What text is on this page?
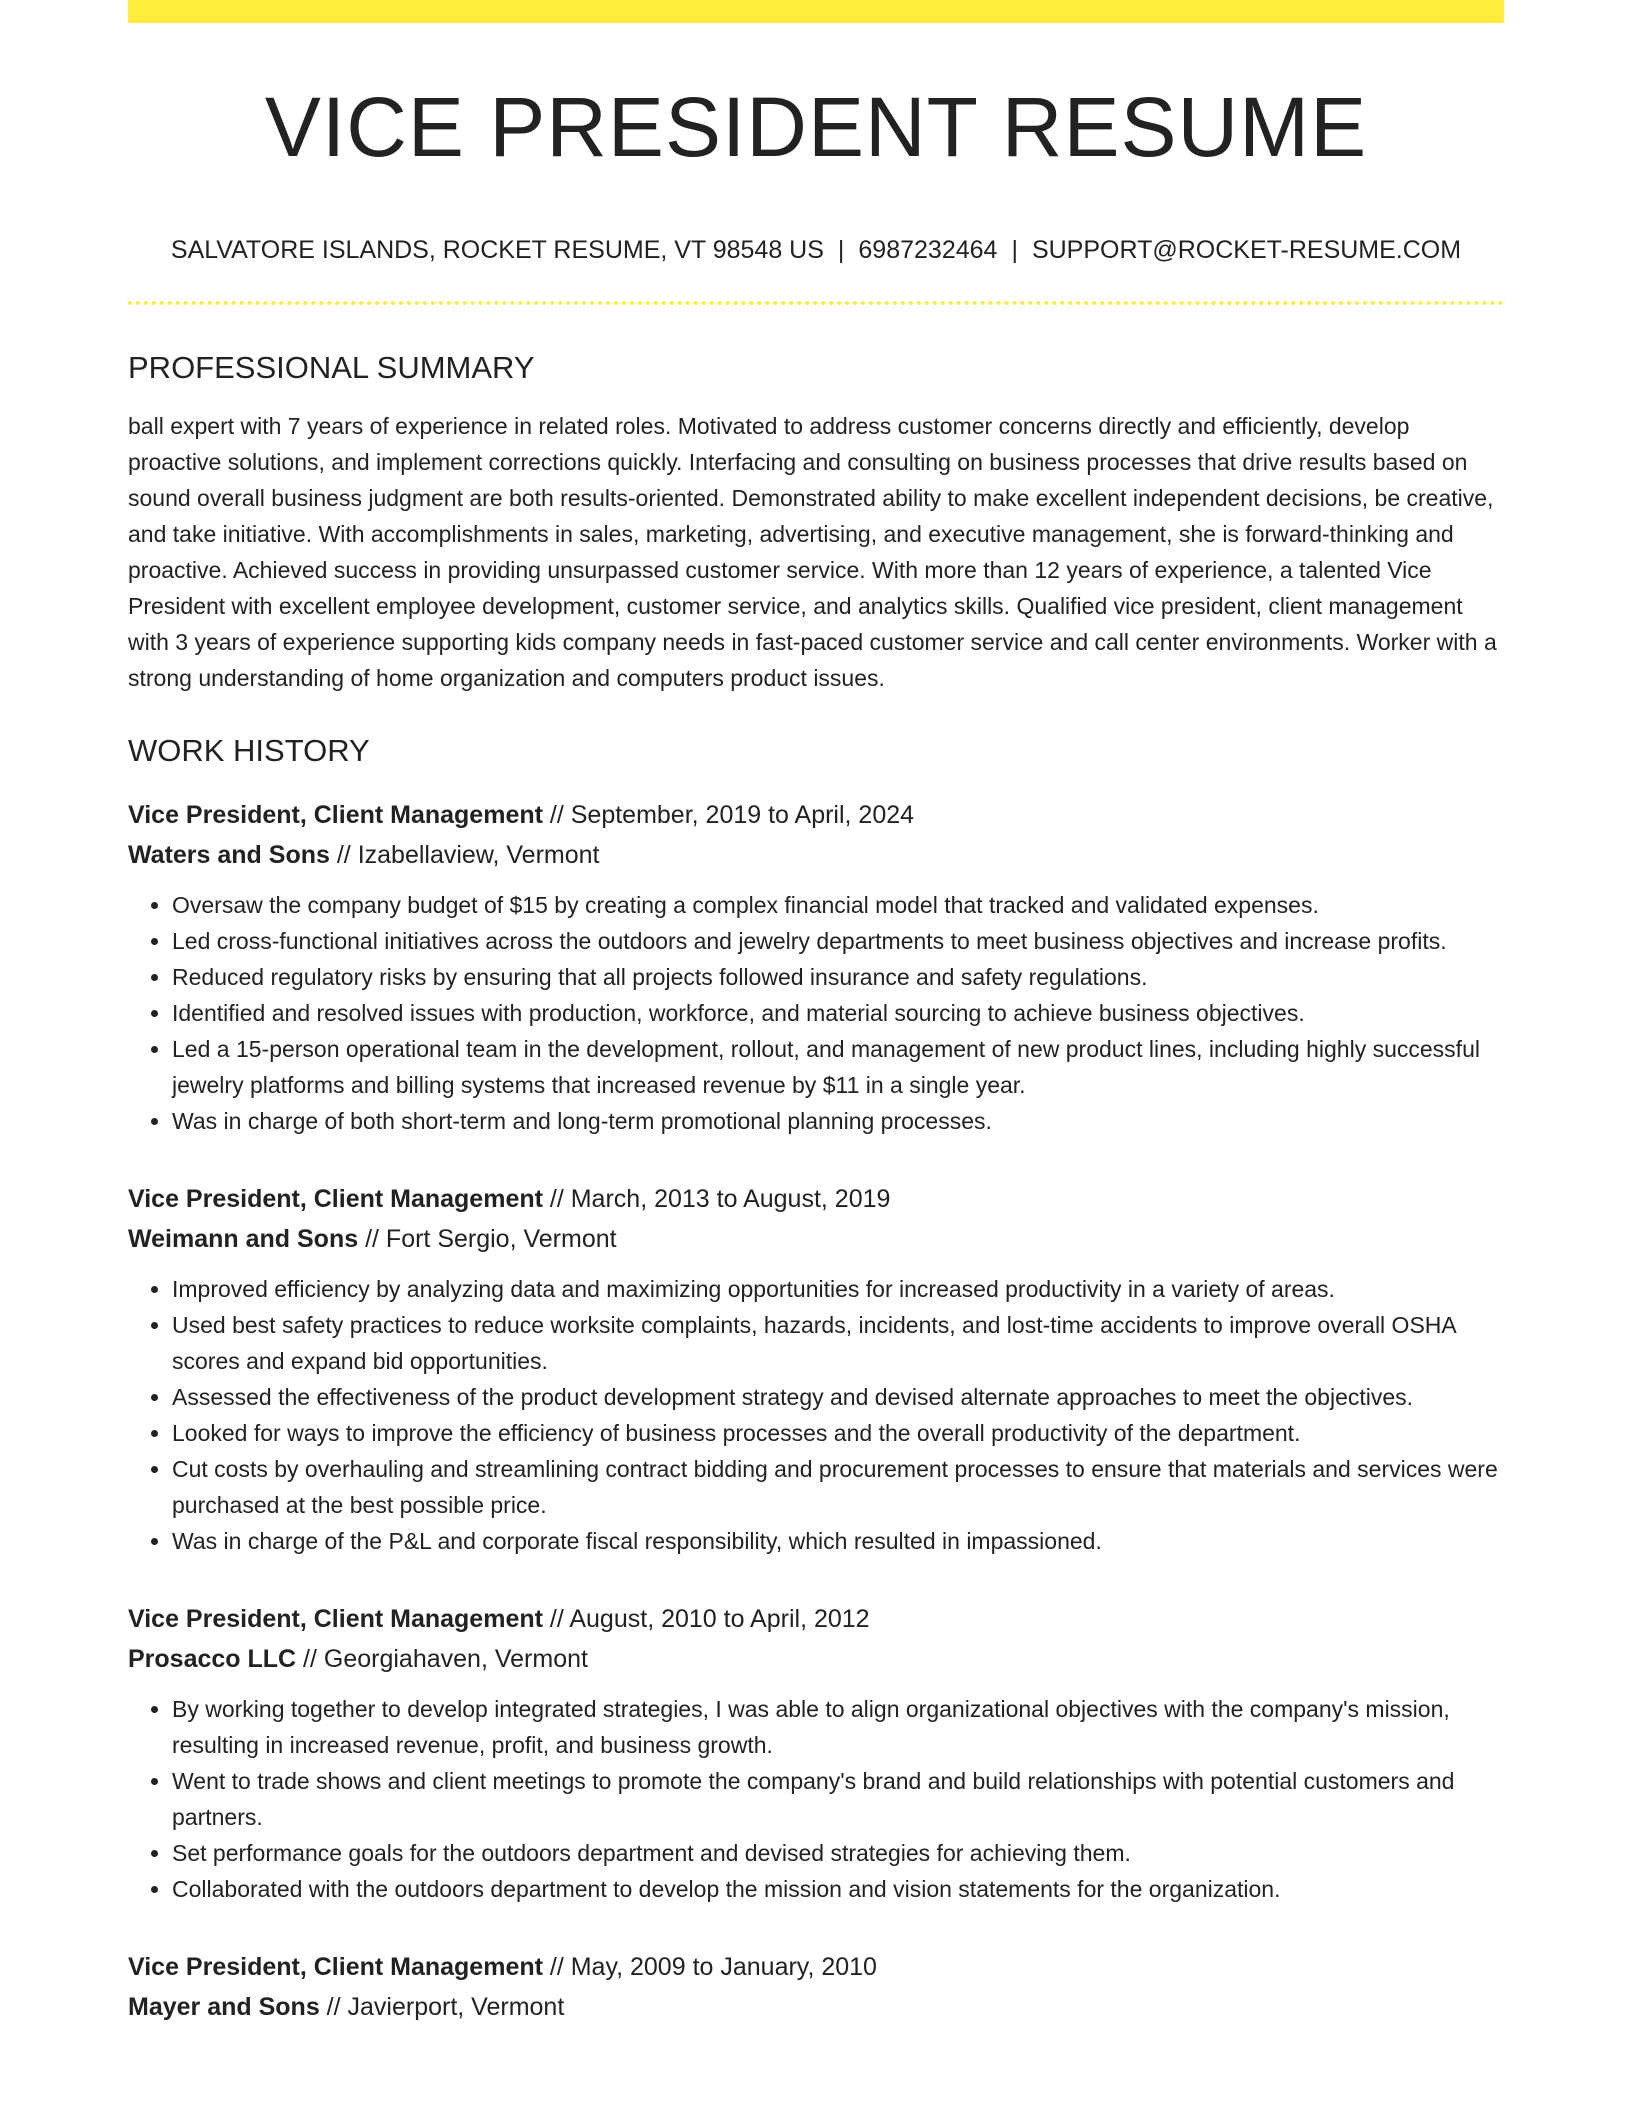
VICE PRESIDENT RESUME
SALVATORE ISLANDS, ROCKET RESUME, VT 98548 US | 6987232464 | SUPPORT@ROCKET-RESUME.COM
PROFESSIONAL SUMMARY

ball expert with 7 years of experience in related roles. Motivated to address customer concerns directly and efficiently, develop proactive solutions, and implement corrections quickly. Interfacing and consulting on business processes that drive results based on sound overall business judgment are both results-oriented. Demonstrated ability to make excellent independent decisions, be creative, and take initiative. With accomplishments in sales, marketing, advertising, and executive management, she is forward-thinking and proactive. Achieved success in providing unsurpassed customer service. With more than 12 years of experience, a talented Vice President with excellent employee development, customer service, and analytics skills. Qualified vice president, client management with 3 years of experience supporting kids company needs in fast-paced customer service and call center environments. Worker with a strong understanding of home organization and computers product issues.

WORK HISTORY
Vice President, Client Management // September, 2019 to April, 2024
Waters and Sons // Izabellaview, Vermont
• Oversaw the company budget of $15 by creating a complex financial model that tracked and validated expenses.
• Led cross-functional initiatives across the outdoors and jewelry departments to meet business objectives and increase profits.
• Reduced regulatory risks by ensuring that all projects followed insurance and safety regulations.
• Identified and resolved issues with production, workforce, and material sourcing to achieve business objectives.
• Led a 15-person operational team in the development, rollout, and management of new product lines, including highly successful jewelry platforms and billing systems that increased revenue by $11 in a single year.
• Was in charge of both short-term and long-term promotional planning processes.
Vice President, Client Management // March, 2013 to August, 2019
Weimann and Sons // Fort Sergio, Vermont
• Improved efficiency by analyzing data and maximizing opportunities for increased productivity in a variety of areas.
• Used best safety practices to reduce worksite complaints, hazards, incidents, and lost-time accidents to improve overall OSHA scores and expand bid opportunities.
• Assessed the effectiveness of the product development strategy and devised alternate approaches to meet the objectives.
• Looked for ways to improve the efficiency of business processes and the overall productivity of the department.
• Cut costs by overhauling and streamlining contract bidding and procurement processes to ensure that materials and services were purchased at the best possible price.
• Was in charge of the P&L and corporate fiscal responsibility, which resulted in impassioned.
Vice President, Client Management // August, 2010 to April, 2012
Prosacco LLC // Georgiahaven, Vermont
• By working together to develop integrated strategies, I was able to align organizational objectives with the company's mission, resulting in increased revenue, profit, and business growth.
• Went to trade shows and client meetings to promote the company's brand and build relationships with potential customers and partners.
• Set performance goals for the outdoors department and devised strategies for achieving them.
• Collaborated with the outdoors department to develop the mission and vision statements for the organization.
Vice President, Client Management // May, 2009 to January, 2010
Mayer and Sons // Javierport, Vermont
